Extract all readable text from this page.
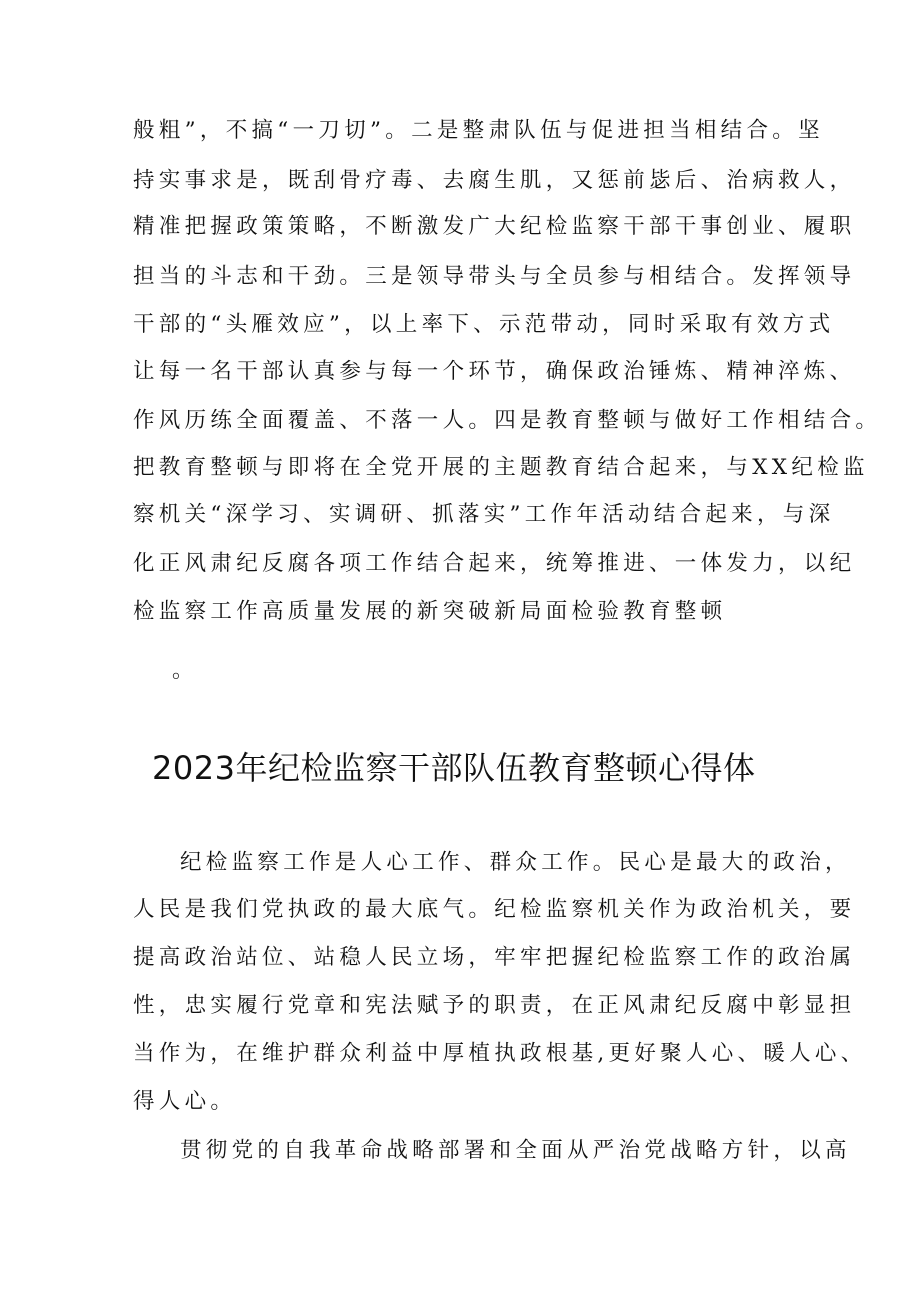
般粗”，不搞“一刀切”。二是整肃队伍与促进担当相结合。坚
持实事求是，既刮骨疗毒、去腐生肌，又惩前毖后、治病救人，
精准把握政策策略，不断激发广大纪检监察干部干事创业、履职
担当的斗志和干劲。三是领导带头与全员参与相结合。发挥领导
干部的“头雁效应”，以上率下、示范带动，同时采取有效方式
让每一名干部认真参与每一个环节，确保政治锤炼、精神淬炼、
作风历练全面覆盖、不落一人。四是教育整顿与做好工作相结合。
把教育整顿与即将在全党开展的主题教育结合起来，与XX纪检监
察机关“深学习、实调研、抓落实”工作年活动结合起来，与深
化正风肃纪反腐各项工作结合起来，统筹推进、一体发力，以纪
检监察工作高质量发展的新突破新局面检验教育整顿
。
2023年纪检监察干部队伍教育整顿心得体
纪检监察工作是人心工作、群众工作。民心是最大的政治，
人民是我们党执政的最大底气。纪检监察机关作为政治机关，要
提高政治站位、站稳人民立场，牢牢把握纪检监察工作的政治属
性，忠实履行党章和宪法赋予的职责，在正风肃纪反腐中彰显担
当作为，在维护群众利益中厚植执政根基,更好聚人心、暖人心、
得人心。
贯彻党的自我革命战略部署和全面从严治党战略方针，以高
